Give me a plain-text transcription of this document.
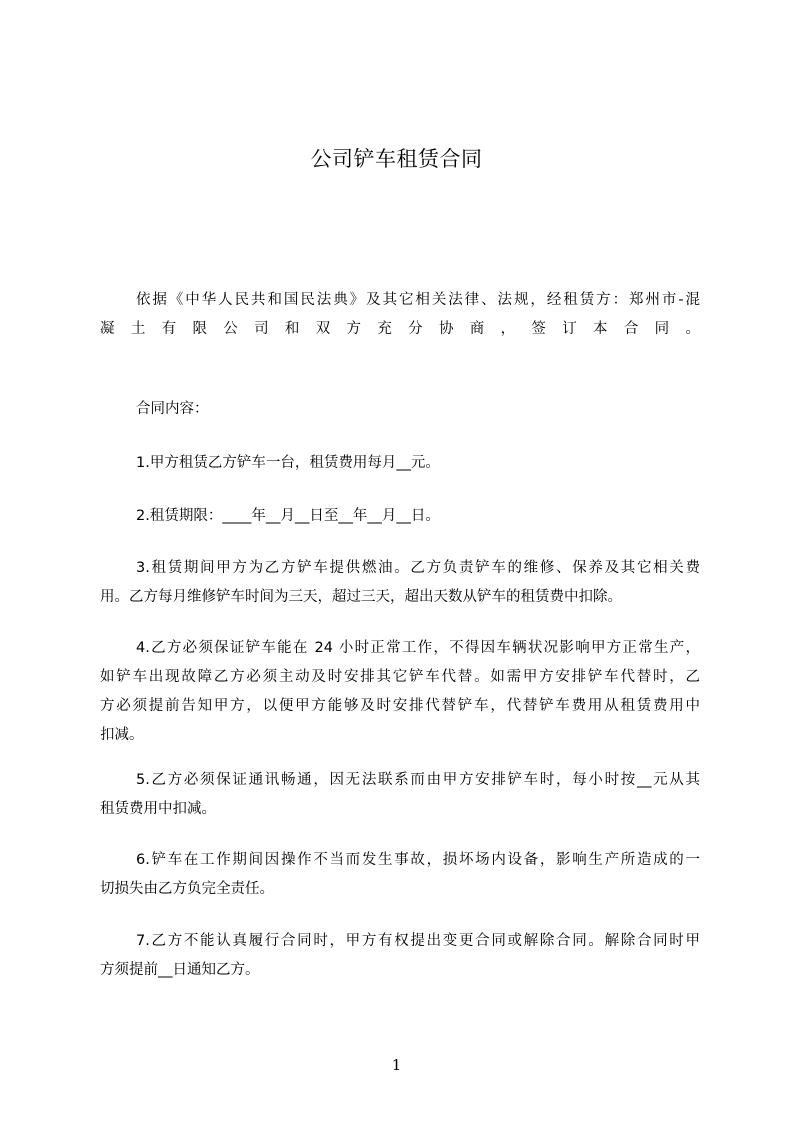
公司铲车租赁合同
依据《中华人民共和国民法典》及其它相关法律、法规，经租赁方：郑州市-混
凝土有限公司和双方充分协商，签订本合同。
合同内容：
1.甲方租赁乙方铲车一台，租赁费用每月__元。
2.租赁期限：____年__月__日至__年__月__日。
3.租赁期间甲方为乙方铲车提供燃油。乙方负责铲车的维修、保养及其它相关费
用。乙方每月维修铲车时间为三天，超过三天，超出天数从铲车的租赁费中扣除。
4.乙方必须保证铲车能在 24 小时正常工作，不得因车辆状况影响甲方正常生产，
如铲车出现故障乙方必须主动及时安排其它铲车代替。如需甲方安排铲车代替时，乙
方必须提前告知甲方，以便甲方能够及时安排代替铲车，代替铲车费用从租赁费用中
扣减。
5.乙方必须保证通讯畅通，因无法联系而由甲方安排铲车时，每小时按__元从其
租赁费用中扣减。
6.铲车在工作期间因操作不当而发生事故，损坏场内设备，影响生产所造成的一
切损失由乙方负完全责任。
7.乙方不能认真履行合同时，甲方有权提出变更合同或解除合同。解除合同时甲
方须提前__日通知乙方。
1
